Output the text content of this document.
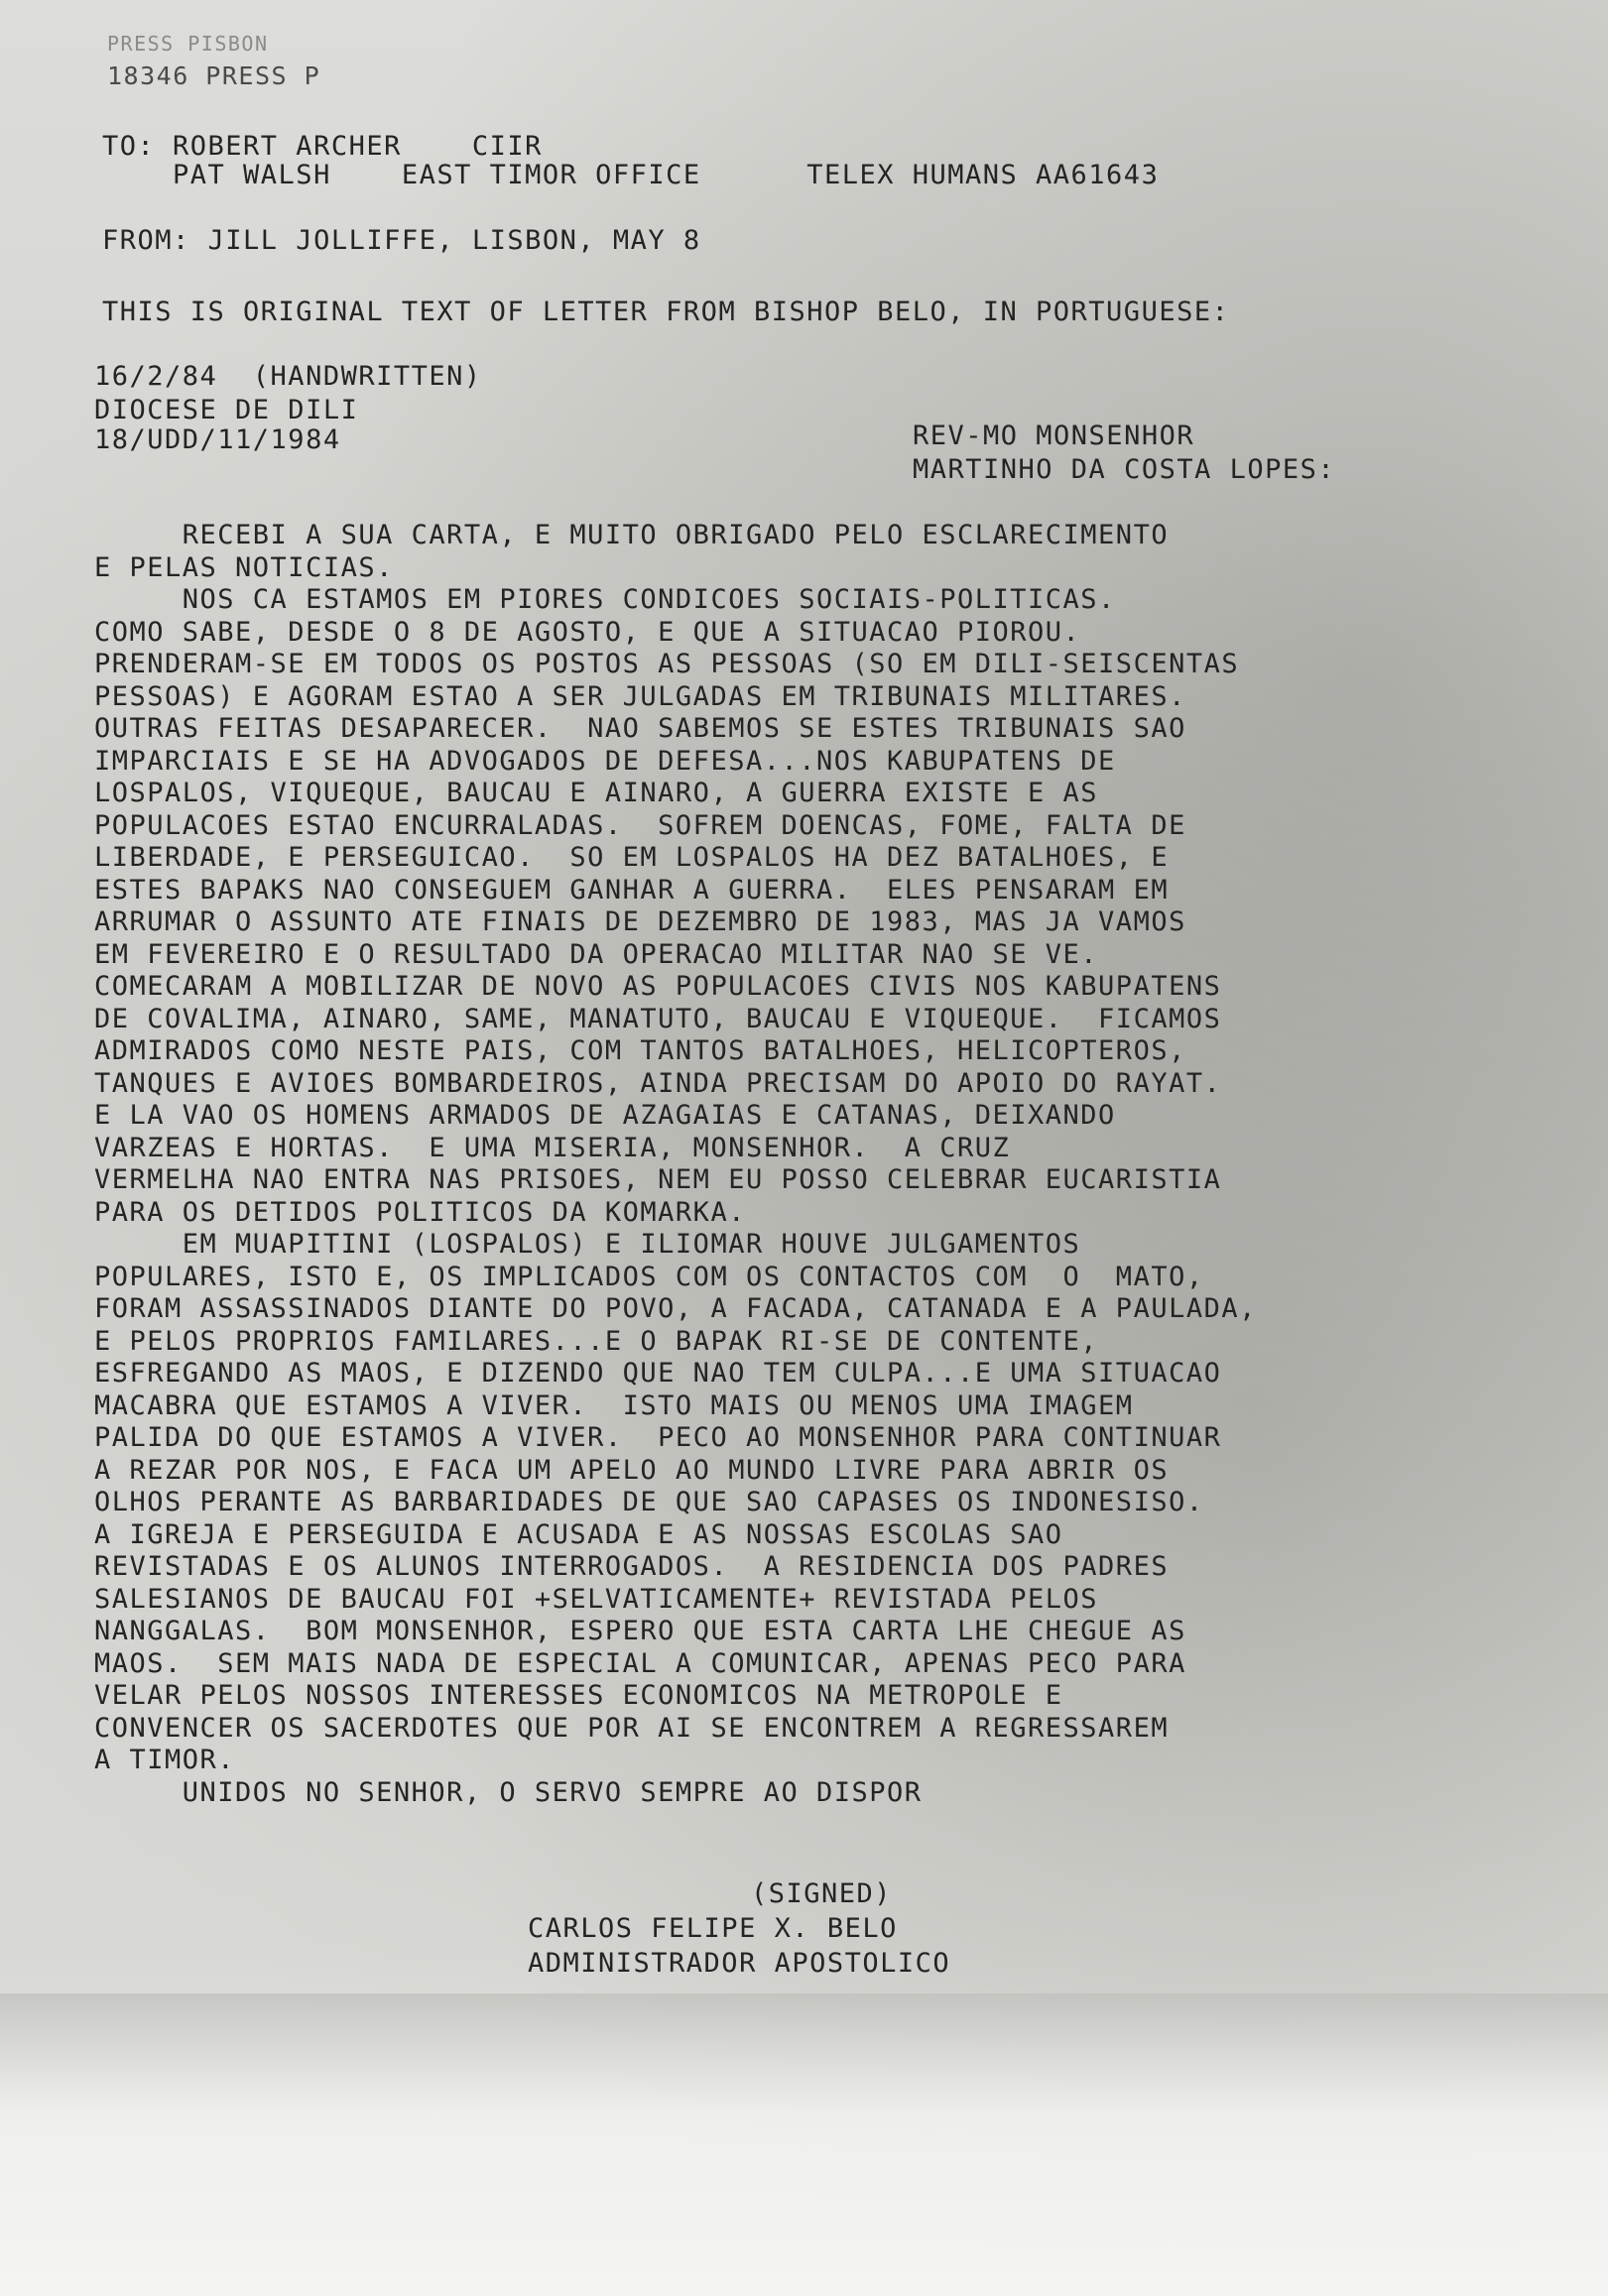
PRESS PISBON
18346 PRESS P
TO: ROBERT ARCHER    CIIR
PAT WALSH    EAST TIMOR OFFICE      TELEX HUMANS AA61643
FROM: JILL JOLLIFFE, LISBON, MAY 8
THIS IS ORIGINAL TEXT OF LETTER FROM BISHOP BELO, IN PORTUGUESE:
16/2/84  (HANDWRITTEN)
DIOCESE DE DILI
18/UDD/11/1984	REV-MO MONSENHOR
MARTINHO DA COSTA LOPES:
RECEBI A SUA CARTA, E MUITO OBRIGADO PELO ESCLARECIMENTO
E PELAS NOTICIAS.
NOS CA ESTAMOS EM PIORES CONDICOES SOCIAIS-POLITICAS.
COMO SABE, DESDE O 8 DE AGOSTO, E QUE A SITUACAO PIOROU.
PRENDERAM-SE EM TODOS OS POSTOS AS PESSOAS (SO EM DILI-SEISCENTAS
PESSOAS) E AGORAM ESTAO A SER JULGADAS EM TRIBUNAIS MILITARES.
OUTRAS FEITAS DESAPARECER.  NAO SABEMOS SE ESTES TRIBUNAIS SAO
IMPARCIAIS E SE HA ADVOGADOS DE DEFESA...NOS KABUPATENS DE
LOSPALOS, VIQUEQUE, BAUCAU E AINARO, A GUERRA EXISTE E AS
POPULACOES ESTAO ENCURRALADAS.  SOFREM DOENCAS, FOME, FALTA DE
LIBERDADE, E PERSEGUICAO.  SO EM LOSPALOS HA DEZ BATALHOES, E
ESTES BAPAKS NAO CONSEGUEM GANHAR A GUERRA.  ELES PENSARAM EM
ARRUMAR O ASSUNTO ATE FINAIS DE DEZEMBRO DE 1983, MAS JA VAMOS
EM FEVEREIRO E O RESULTADO DA OPERACAO MILITAR NAO SE VE.
COMECARAM A MOBILIZAR DE NOVO AS POPULACOES CIVIS NOS KABUPATENS
DE COVALIMA, AINARO, SAME, MANATUTO, BAUCAU E VIQUEQUE.  FICAMOS
ADMIRADOS COMO NESTE PAIS, COM TANTOS BATALHOES, HELICOPTEROS,
TANQUES E AVIOES BOMBARDEIROS, AINDA PRECISAM DO APOIO DO RAYAT.
E LA VAO OS HOMENS ARMADOS DE AZAGAIAS E CATANAS, DEIXANDO
VARZEAS E HORTAS.  E UMA MISERIA, MONSENHOR.  A CRUZ
VERMELHA NAO ENTRA NAS PRISOES, NEM EU POSSO CELEBRAR EUCARISTIA
PARA OS DETIDOS POLITICOS DA KOMARKA.
EM MUAPITINI (LOSPALOS) E ILIOMAR HOUVE JULGAMENTOS
POPULARES, ISTO E, OS IMPLICADOS COM OS CONTACTOS COM  O  MATO,
FORAM ASSASSINADOS DIANTE DO POVO, A FACADA, CATANADA E A PAULADA,
E PELOS PROPRIOS FAMILARES...E O BAPAK RI-SE DE CONTENTE,
ESFREGANDO AS MAOS, E DIZENDO QUE NAO TEM CULPA...E UMA SITUACAO
MACABRA QUE ESTAMOS A VIVER.  ISTO MAIS OU MENOS UMA IMAGEM
PALIDA DO QUE ESTAMOS A VIVER.  PECO AO MONSENHOR PARA CONTINUAR
A REZAR POR NOS, E FACA UM APELO AO MUNDO LIVRE PARA ABRIR OS
OLHOS PERANTE AS BARBARIDADES DE QUE SAO CAPASES OS INDONESISO.
A IGREJA E PERSEGUIDA E ACUSADA E AS NOSSAS ESCOLAS SAO
REVISTADAS E OS ALUNOS INTERROGADOS.  A RESIDENCIA DOS PADRES
SALESIANOS DE BAUCAU FOI +SELVATICAMENTE+ REVISTADA PELOS
NANGGALAS.  BOM MONSENHOR, ESPERO QUE ESTA CARTA LHE CHEGUE AS
MAOS.  SEM MAIS NADA DE ESPECIAL A COMUNICAR, APENAS PECO PARA
VELAR PELOS NOSSOS INTERESSES ECONOMICOS NA METROPOLE E
CONVENCER OS SACERDOTES QUE POR AI SE ENCONTREM A REGRESSAREM
A TIMOR.
UNIDOS NO SENHOR, O SERVO SEMPRE AO DISPOR
(SIGNED)
CARLOS FELIPE X. BELO
ADMINISTRADOR APOSTOLICO
